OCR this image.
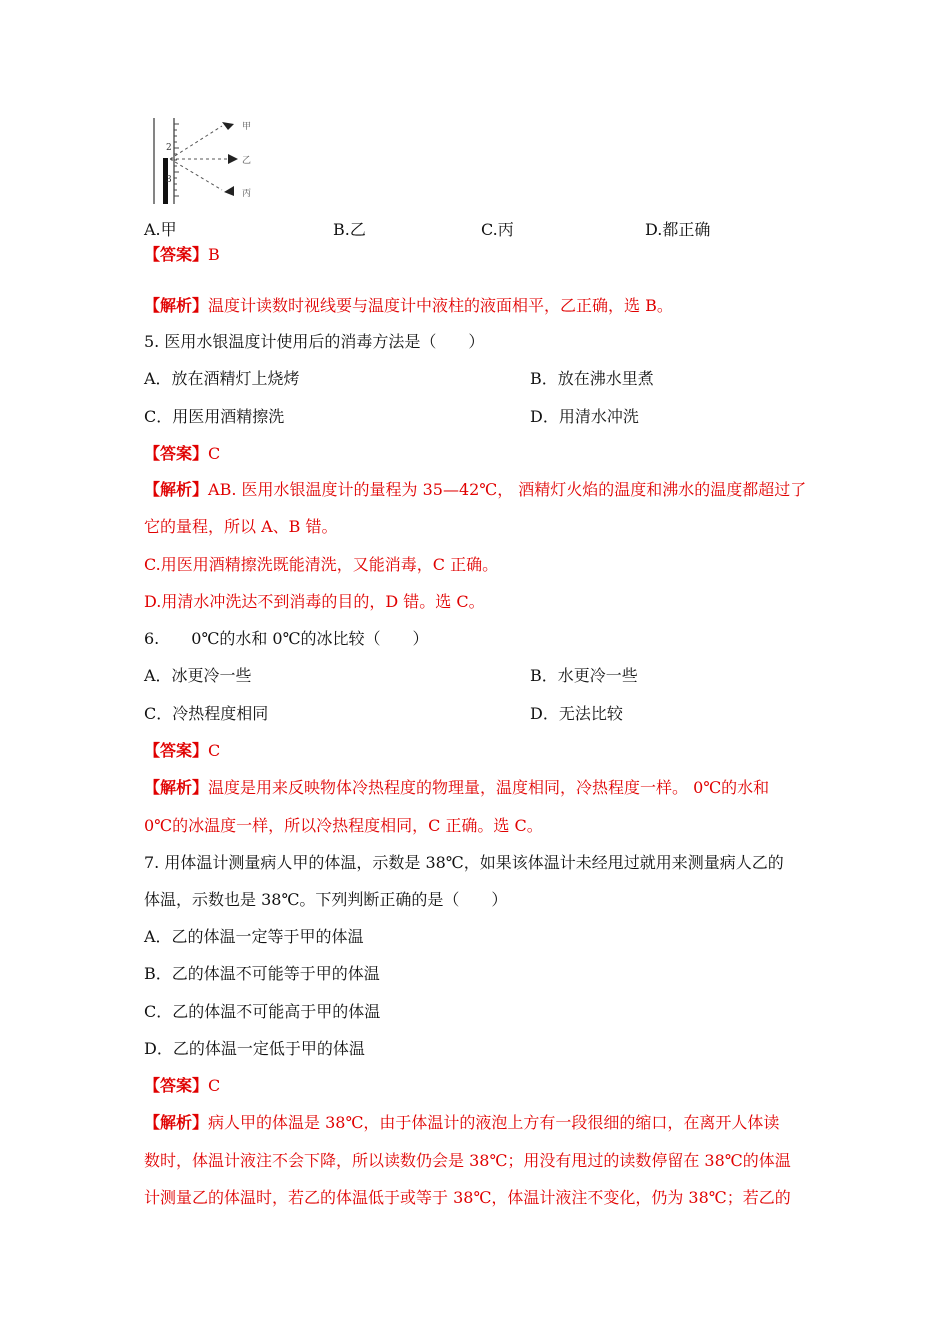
2
3
甲
乙
丙
A.甲	B.乙	C.丙	D.都正确
【答案】B
【解析】温度计读数时视线要与温度计中液柱的液面相平，乙正确，选 B。
5. 医用水银温度计使用后的消毒方法是（　　）
A．放在酒精灯上烧烤	B．放在沸水里煮
C．用医用酒精擦洗	D．用清水冲洗
【答案】C
【解析】AB. 医用水银温度计的量程为 35—42℃， 酒精灯火焰的温度和沸水的温度都超过了
它的量程，所以 A、B 错。
C.用医用酒精擦洗既能清洗，又能消毒，C 正确。
D.用清水冲洗达不到消毒的目的，D 错。选 C。
6.　　0℃的水和 0℃的冰比较（　　）
A．冰更冷一些	B．水更冷一些
C．冷热程度相同	D．无法比较
【答案】C
【解析】温度是用来反映物体冷热程度的物理量，温度相同，冷热程度一样。 0℃的水和
0℃的冰温度一样，所以冷热程度相同，C 正确。选 C。
7. 用体温计测量病人甲的体温，示数是 38℃，如果该体温计未经甩过就用来测量病人乙的
体温，示数也是 38℃。下列判断正确的是（　　）
A．乙的体温一定等于甲的体温
B．乙的体温不可能等于甲的体温
C．乙的体温不可能高于甲的体温
D．乙的体温一定低于甲的体温
【答案】C
【解析】病人甲的体温是 38℃，由于体温计的液泡上方有一段很细的缩口，在离开人体读
数时，体温计液注不会下降，所以读数仍会是 38℃；用没有甩过的读数停留在 38℃的体温
计测量乙的体温时，若乙的体温低于或等于 38℃，体温计液注不变化，仍为 38℃；若乙的
